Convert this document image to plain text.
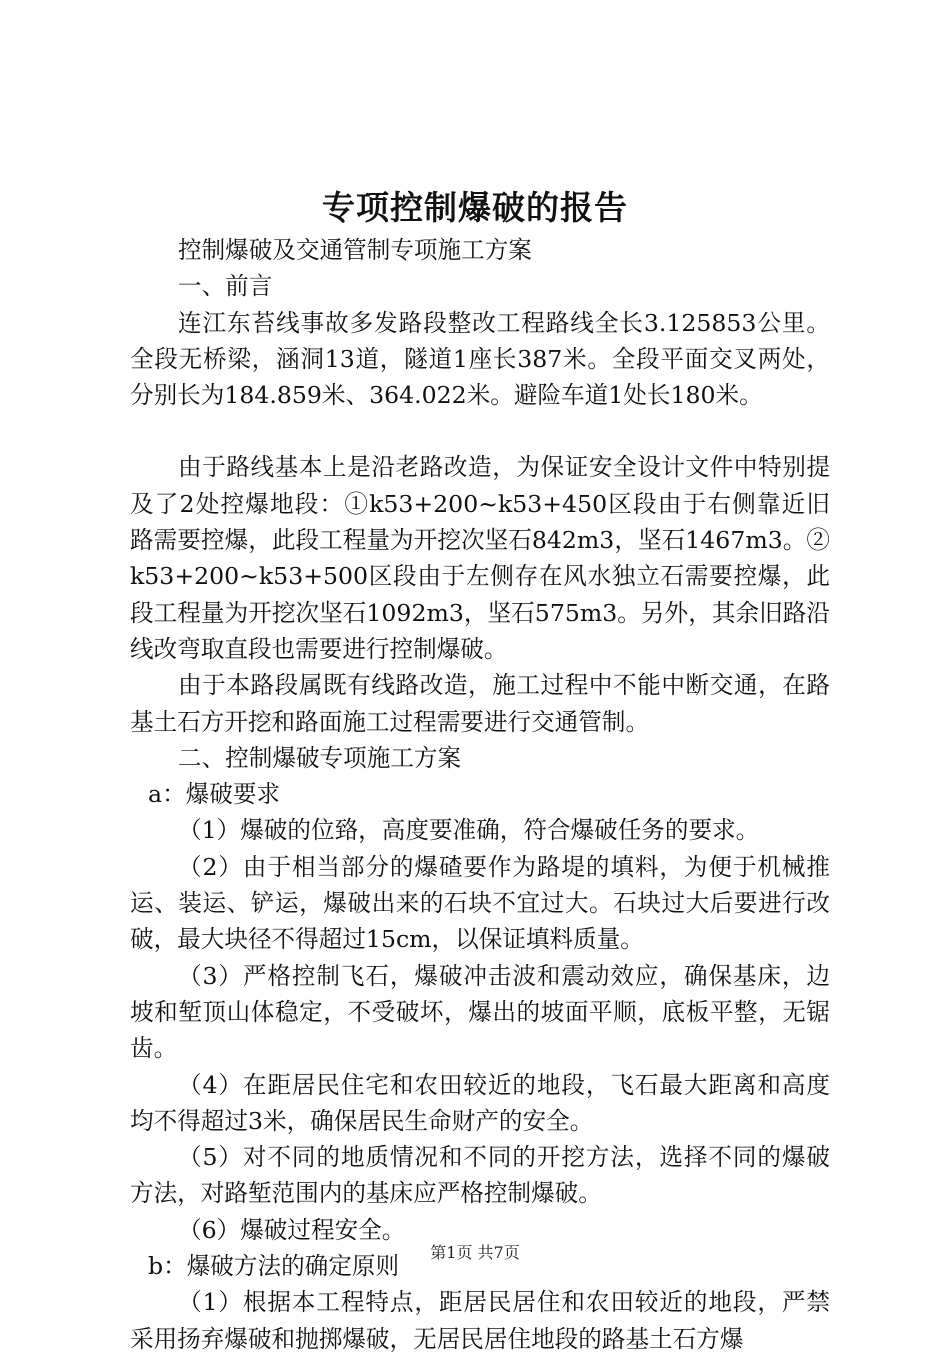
专项控制爆破的报告

控制爆破及交通管制专项施工方案

一、前言

连江东苔线事故多发路段整改工程路线全长3.125853公里。全段无桥梁，涵洞13道，隧道1座长387米。全段平面交叉两处，分别长为184.859米、364.022米。避险车道1处长180米。

由于路线基本上是沿老路改造，为保证安全设计文件中特别提及了2处控爆地段：①k53+200~k53+450区段由于右侧靠近旧路需要控爆，此段工程量为开挖次坚石842m3，坚石1467m3。②k53+200~k53+500区段由于左侧存在风水独立石需要控爆，此段工程量为开挖次坚石1092m3，坚石575m3。另外，其余旧路沿线改弯取直段也需要进行控制爆破。

由于本路段属既有线路改造，施工过程中不能中断交通，在路基土石方开挖和路面施工过程需要进行交通管制。

二、控制爆破专项施工方案

a：爆破要求

（1）爆破的位臵，高度要准确，符合爆破任务的要求。

（2）由于相当部分的爆碴要作为路堤的填料，为便于机械推运、装运、铲运，爆破出来的石块不宜过大。石块过大后要进行改破，最大块径不得超过15cm，以保证填料质量。

（3）严格控制飞石，爆破冲击波和震动效应，确保基床，边坡和堑顶山体稳定，不受破坏，爆出的坡面平顺，底板平整，无锯齿。

（4）在距居民住宅和农田较近的地段，飞石最大距离和高度均不得超过3米，确保居民生命财产的安全。

（5）对不同的地质情况和不同的开挖方法，选择不同的爆破方法，对路堑范围内的基床应严格控制爆破。

（6）爆破过程安全。

b：爆破方法的确定原则

（1）根据本工程特点，距居民居住和农田较近的地段，严禁采用扬弃爆破和抛掷爆破，无居民居住地段的路基土石方爆

第1页 共7页
